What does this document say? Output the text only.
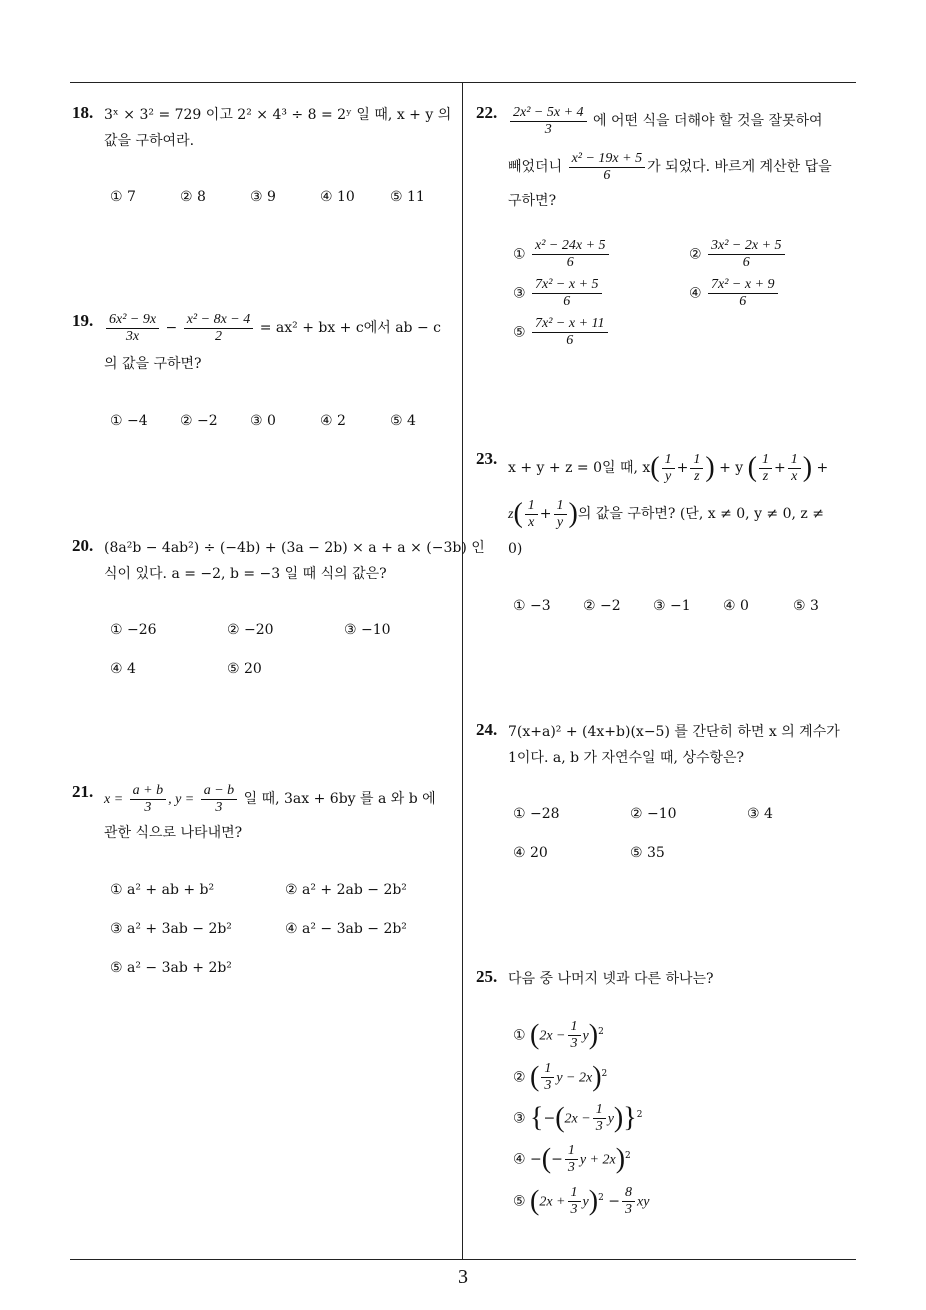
3
18. 3ˣ × 3² = 729 이고 2² × 4³ ÷ 8 = 2ʸ 일 때, x + y 의
값을 구하여라.
① 7	② 8	③ 9	④ 10	⑤ 11
19. $\frac{\text{6x² − 9x}}{3x} - \frac{\text{x² − 8x − 4}}{2} = ax^2$ + bx + c에서 ab − c
의 값을 구하면?
① −4 ② −2 ③ 0	④ 2	⑤ 4
20. (8a²b − 4ab²) ÷ (−4b) + (3a − 2b) × a + a × (−3b) 인
식이 있다. a = −2, b = −3 일 때 식의 값은?
① −26	② −20	③ −10
④ 4	⑤ 20
21. $x = \frac{a + b}{3}$ , $y = \frac{a - b}{3}$ 일 때, 3ax + 6by 를 a 와 b 에
관한 식으로 나타내면?
① a² + ab + b²	② a² + 2ab − 2b²
③ a² + 3ab − 2b²	④ a² − 3ab − 2b²
⑤ a² − 3ab + 2b²
22. $\frac{\text{2x² − 5x + 4}}{3}$ 에 어떤 식을 더해야 할 것을 잘못하여
빼었더니 $\frac{\text{x² − 19x + 5}}{6}$ 가 되었다. 바르게 계산한 답을
구하면?
① $\frac{\text{x² − 24x + 5}}{6}$	② $\frac{\text{3x² − 2x + 5}}{6}$
③ $\frac{\text{7x² − x + 5}}{6}$	④ $\frac{\text{7x² − x + 9}}{6}$
⑤ $\frac{\text{7x² − x + 11}}{6}$
23. x + y + z = 0일 때, $x( \frac{1}{y} + \frac{1}{z}$ ) + y ( $\frac{1}{z} + \frac{1}{x}$ ) +
$z( \frac{1}{x} + \frac{1}{y}$ )의 값을 구하면? (단, x ≠ 0, y ≠ 0, z ≠
0)
① −3 ② −2 ③ −1 ④ 0	⑤ 3
24. 7(x+a)² + (4x+b)(x−5) 를 간단히 하면 x 의 계수가
1이다. a, b 가 자연수일 때, 상수항은?
① −28	② −10	③ 4
④ 20	⑤ 35
25. 다음 중 나머지 넷과 다른 하나는?
① $(2x - \frac{1}{3} y)^2$
② ( $\frac{1}{3}$ y − 2x)$^2$
③ $\{-(2x - \frac{1}{3} y)\}^2$
④ −(− $\frac{1}{3}$ y + 2x)$^2$
⑤ $(2x + \frac{1}{3} y)^2 - \frac{8}{3}$ xy
